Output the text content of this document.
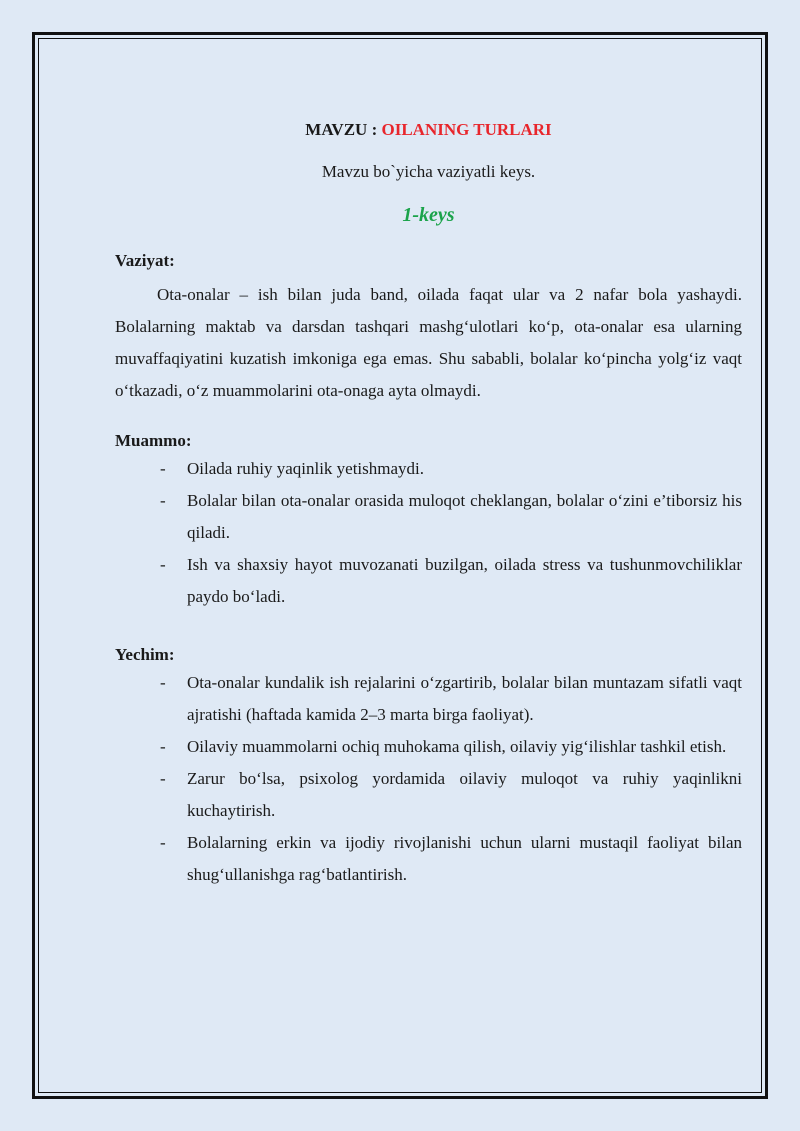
MAVZU : OILANING TURLARI

Mavzu bo`yicha vaziyatli keys.

1-keys

Vaziyat:

Ota-onalar – ish bilan juda band, oilada faqat ular va 2 nafar bola yashaydi. Bolalarning maktab va darsdan tashqari mashg‘ulotlari ko‘p, ota-onalar esa ularning muvaffaqiyatini kuzatish imkoniga ega emas. Shu sababli, bolalar ko‘pincha yolg‘iz vaqt o‘tkazadi, o‘z muammolarini ota-onaga ayta olmaydi.

Muammo:

- Oilada ruhiy yaqinlik yetishmaydi.
- Bolalar bilan ota-onalar orasida muloqot cheklangan, bolalar o‘zini e’tiborsiz his qiladi.
- Ish va shaxsiy hayot muvozanati buzilgan, oilada stress va tushunmovchiliklar paydo bo‘ladi.

Yechim:

- Ota-onalar kundalik ish rejalarini o‘zgartirib, bolalar bilan muntazam sifatli vaqt ajratishi (haftada kamida 2–3 marta birga faoliyat).
- Oilaviy muammolarni ochiq muhokama qilish, oilaviy yig‘ilishlar tashkil etish.
- Zarur bo‘lsa, psixolog yordamida oilaviy muloqot va ruhiy yaqinlikni kuchaytirish.
- Bolalarning erkin va ijodiy rivojlanishi uchun ularni mustaqil faoliyat bilan shug‘ullanishga rag‘batlantirish.
